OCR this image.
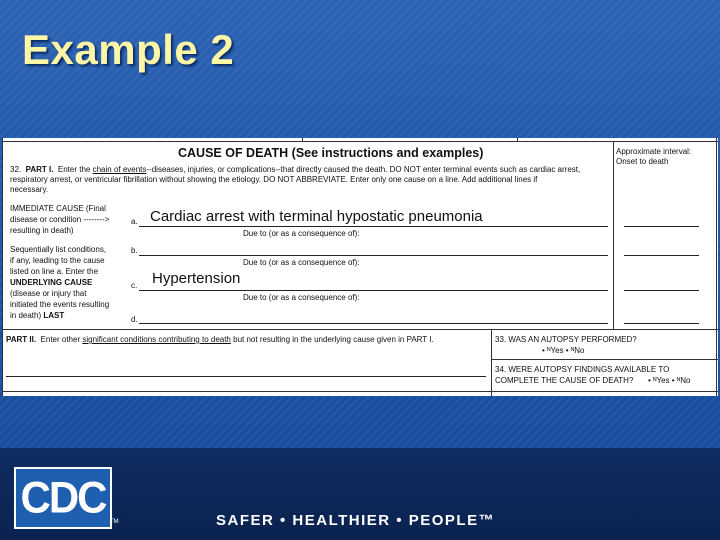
Example 2
CAUSE OF DEATH (See instructions and examples)
32. PART I. Enter the chain of events--diseases, injuries, or complications--that directly caused the death. DO NOT enter terminal events such as cardiac arrest,
respiratory arrest, or ventricular fibrillation without showing the etiology. DO NOT ABBREVIATE. Enter only one cause on a line. Add additional lines if
necessary.
Approximate interval:
Onset to death
IMMEDIATE CAUSE (Final
disease or condition -------->
resulting in death)
Sequentially list conditions,
if any, leading to the cause
listed on line a. Enter the
UNDERLYING CAUSE
(disease or injury that
initiated the events resulting
in death) LAST
a. Cardiac arrest with terminal hypostatic pneumonia
Due to (or as a consequence of):
b.
Due to (or as a consequence of):
c. Hypertension
Due to (or as a consequence of):
d.
PART II. Enter other significant conditions contributing to death but not resulting in the underlying cause given in PART I.	33. WAS AN AUTOPSY PERFORMED?
• ᴺYes • ᴺNo
34. WERE AUTOPSY FINDINGS AVAILABLE TO
COMPLETE THE CAUSE OF DEATH? • ᴺYes • ᴺNo
CDC TM	SAFER • HEALTHIER • PEOPLE™
